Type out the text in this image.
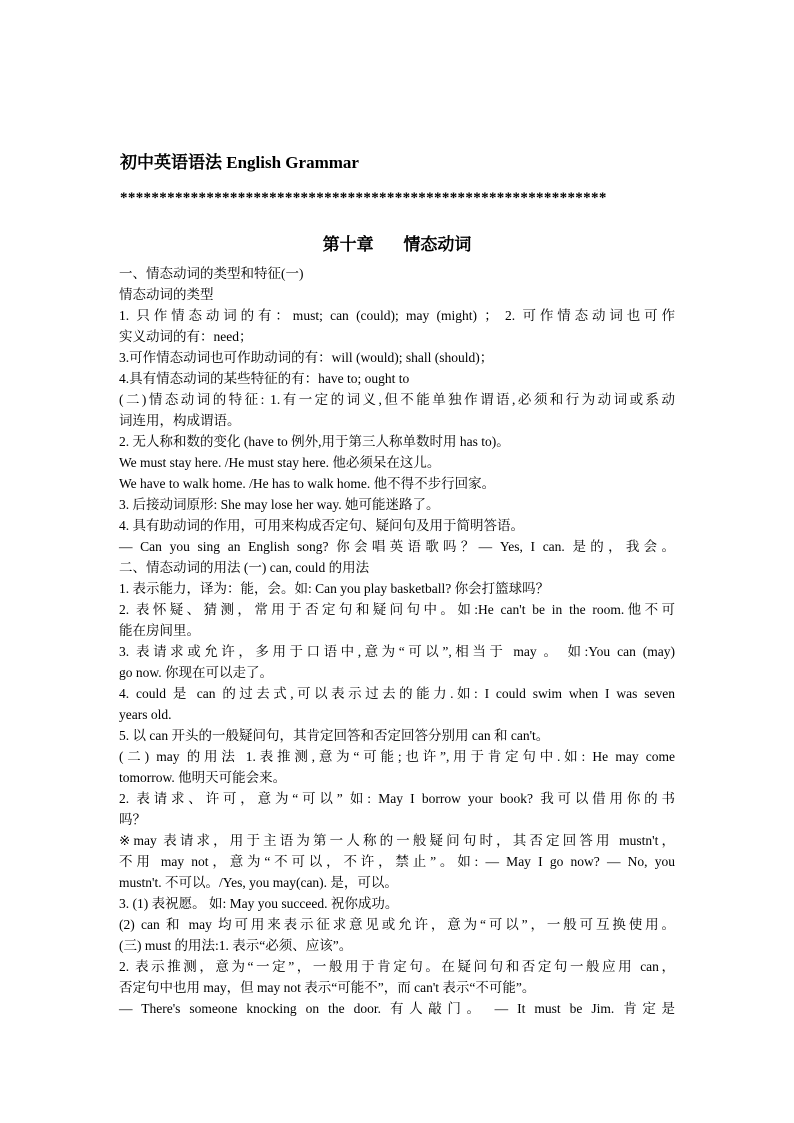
初中英语语法 English Grammar
**************************************************************
第十章       情态动词
一、情态动词的类型和特征(一)
情态动词的类型
1. 只作情态动词的有：must; can (could); may (might) ； 2. 可作情态动词也可作
实义动词的有：need；
3.可作情态动词也可作助动词的有：will (would); shall (should)；
4.具有情态动词的某些特征的有：have to; ought to
(二)情态动词的特征: 1.有一定的词义,但不能单独作谓语,必须和行为动词或系动
词连用，构成谓语。
2. 无人称和数的变化 (have to 例外,用于第三人称单数时用 has to)。
We must stay here. /He must stay here. 他必须呆在这儿。
We have to walk home. /He has to walk home. 他不得不步行回家。
3. 后接动词原形: She may lose her way. 她可能迷路了。
4. 具有助动词的作用，可用来构成否定句、疑问句及用于简明答语。
— Can you sing an English song? 你会唱英语歌吗？— Yes, I can. 是的，我会。
二、情态动词的用法 (一) can, could 的用法
1. 表示能力，译为：能，会。如: Can you play basketball? 你会打篮球吗？
2. 表怀疑、猜测，常用于否定句和疑问句中。如:He can't be in the room.他不可
能在房间里。
3. 表请求或允许，多用于口语中,意为“可以”,相当于 may 。 如:You can (may)
go now. 你现在可以走了。
4. could 是 can 的过去式,可以表示过去的能力.如: I could swim when I was seven
years old.
5. 以 can 开头的一般疑问句，其肯定回答和否定回答分别用 can 和 can't。
(二) may 的用法 1.表推测,意为“可能;也许”,用于肯定句中.如: He may come
tomorrow. 他明天可能会来。
2. 表请求、许可，意为“可以” 如: May I borrow your book? 我可以借用你的书
吗？
※may 表请求，用于主语为第一人称的一般疑问句时，其否定回答用 mustn't，
不用 may not，意为“不可以，不许，禁止”。如: — May I go now? — No, you
mustn't. 不可以。/Yes, you may(can). 是，可以。
3. (1) 表祝愿。 如: May you succeed. 祝你成功。
(2) can 和 may 均可用来表示征求意见或允许，意为“可以”，一般可互换使用。
(三) must 的用法:1. 表示“必须、应该”。
2. 表示推测，意为“一定”，一般用于肯定句。在疑问句和否定句一般应用 can，
否定句中也用 may，但 may not 表示“可能不”，而 can't 表示“不可能”。
— There's someone knocking on the door. 有人敲门。 — It must be Jim. 肯定是
